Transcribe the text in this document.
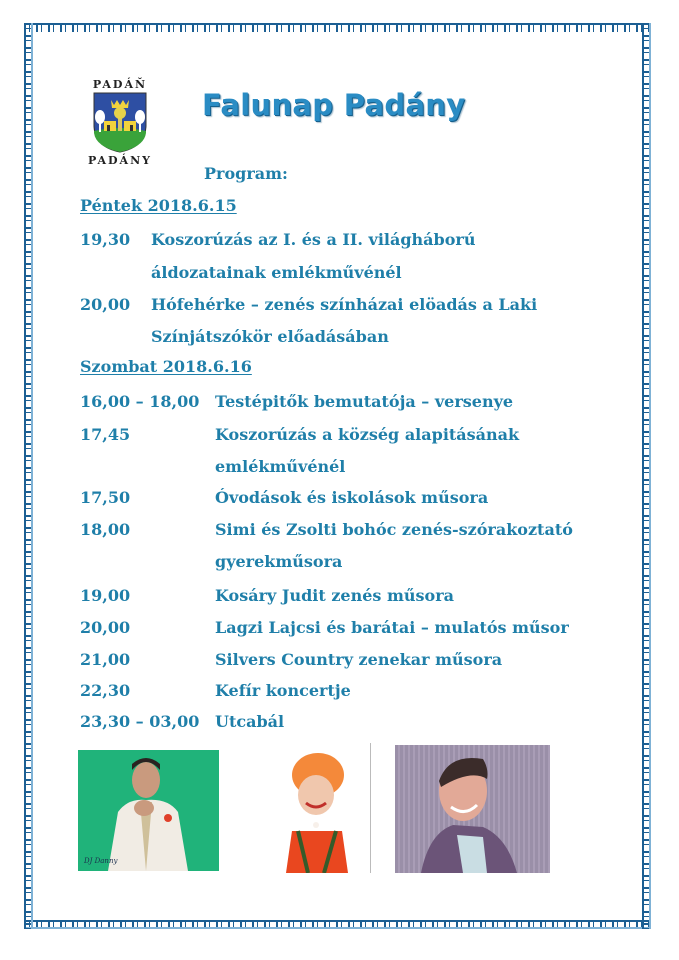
PADÁŇ
PADÁNY
Falunap Padány
Program:
Péntek 2018.6.15
19,30 Koszorúzás az I. és a II. világháború
áldozatainak emlékművénél
20,00 Hófehérke – zenés színházai elöadás a Laki
Színjátszókör előadásában
Szombat 2018.6.16
16,00 – 18,00 Testépitők bemutatója – versenye
17,45	Koszorúzás a község alapitásának
emlékművénél
17,50	Óvodások és iskolások műsora
18,00	Simi és Zsolti bohóc zenés-szórakoztató
gyerekműsora
19,00	Kosáry Judit zenés műsora
20,00	Lagzi Lajcsi és barátai – mulatós műsor
21,00	Silvers Country zenekar műsora
22,30	Kefír koncertje
23,30 – 03,00 Utcabál
DJ Danny
